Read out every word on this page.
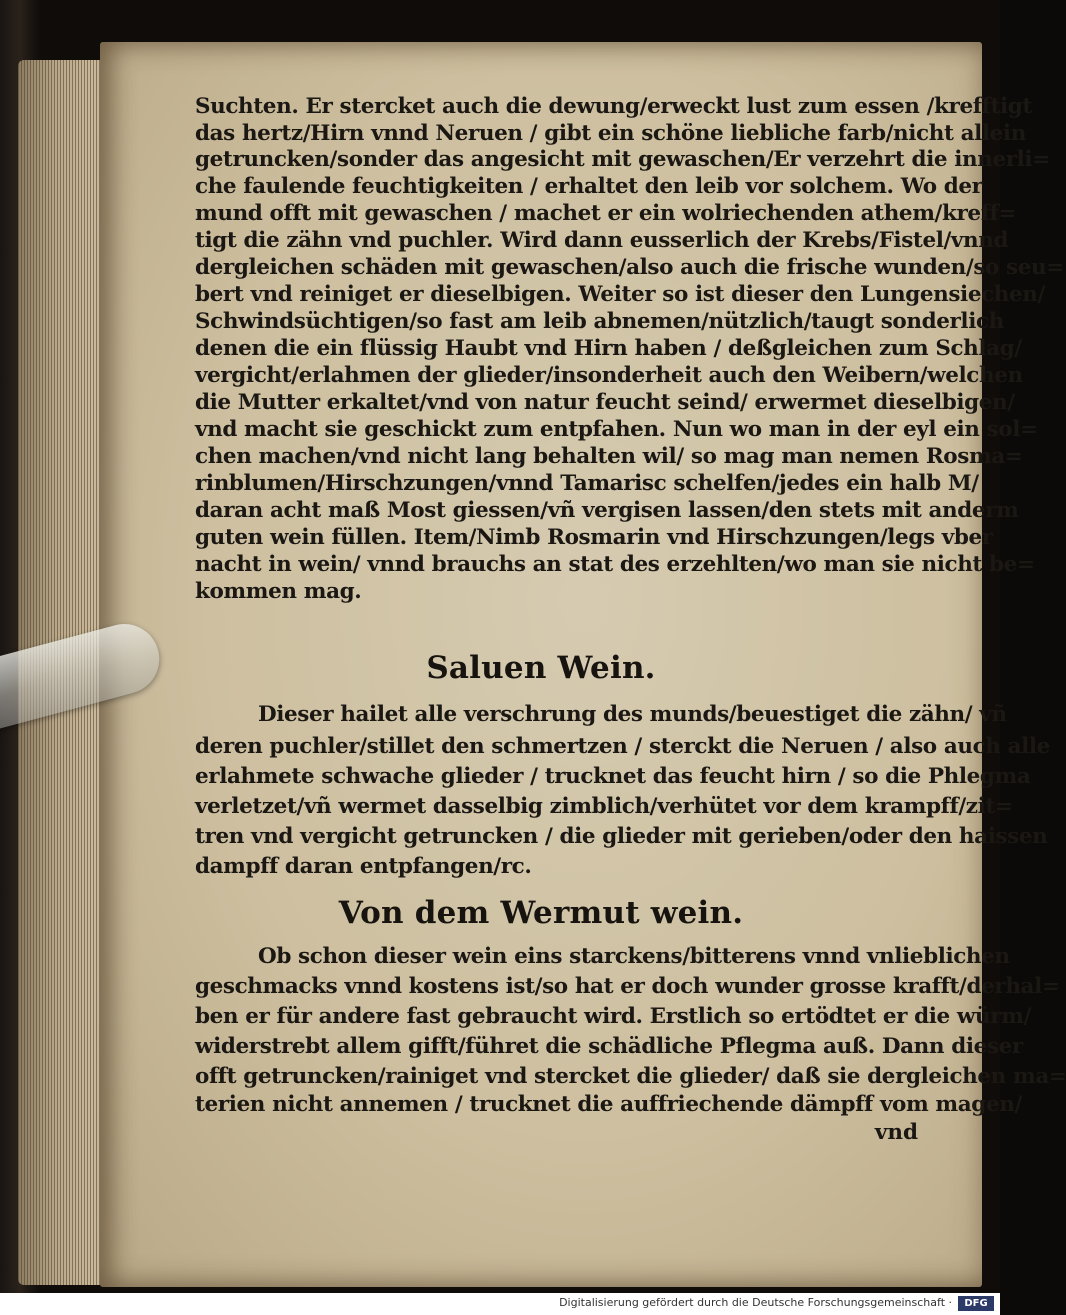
Suchten. Er stercket auch die dewung/erweckt lust zum essen /krefftigt
das hertz/Hirn vnnd Neruen / gibt ein schöne liebliche farb/nicht allein
getruncken/sonder das angesicht mit gewaschen/Er verzehrt die innerli=
che faulende feuchtigkeiten / erhaltet den leib vor solchem. Wo der
mund offt mit gewaschen / machet er ein wolriechenden athem/kreff=
tigt die zähn vnd puchler. Wird dann eusserlich der Krebs/Fistel/vnnd
dergleichen schäden mit gewaschen/also auch die frische wunden/so seu=
bert vnd reiniget er dieselbigen. Weiter so ist dieser den Lungensiechen/
Schwindsüchtigen/so fast am leib abnemen/nützlich/taugt sonderlich
denen die ein flüssig Haubt vnd Hirn haben / deßgleichen zum Schlag/
vergicht/erlahmen der glieder/insonderheit auch den Weibern/welchen
die Mutter erkaltet/vnd von natur feucht seind/ erwermet dieselbigen/
vnd macht sie geschickt zum entpfahen. Nun wo man in der eyl ein sol=
chen machen/vnd nicht lang behalten wil/ so mag man nemen Rosma=
rinblumen/Hirschzungen/vnnd Tamarisc schelfen/jedes ein halb M/
daran acht maß Most giessen/vñ vergisen lassen/den stets mit anderm
guten wein füllen. Item/Nimb Rosmarin vnd Hirschzungen/legs vber
nacht in wein/ vnnd brauchs an stat des erzehlten/wo man sie nicht be=
kommen mag.
Saluen Wein.
Dieser hailet alle verschrung des munds/beuestiget die zähn/ vñ
deren puchler/stillet den schmertzen / sterckt die Neruen / also auch alle
erlahmete schwache glieder / trucknet das feucht hirn / so die Phlegma
verletzet/vñ wermet dasselbig zimblich/verhütet vor dem krampff/zit=
tren vnd vergicht getruncken / die glieder mit gerieben/oder den haissen
dampff daran entpfangen/rc.
Von dem Wermut wein.
Ob schon dieser wein eins starckens/bitterens vnnd vnlieblichen
geschmacks vnnd kostens ist/so hat er doch wunder grosse krafft/derhal=
ben er für andere fast gebraucht wird. Erstlich so ertödtet er die würm/
widerstrebt allem gifft/führet die schädliche Pflegma auß. Dann dieser
offt getruncken/rainiget vnd stercket die glieder/ daß sie dergleichen ma=
terien nicht annemen / trucknet die auffriechende dämpff vom magen/
vnd
Digitalisierung gefördert durch die Deutsche Forschungsgemeinschaft ·	DFG
